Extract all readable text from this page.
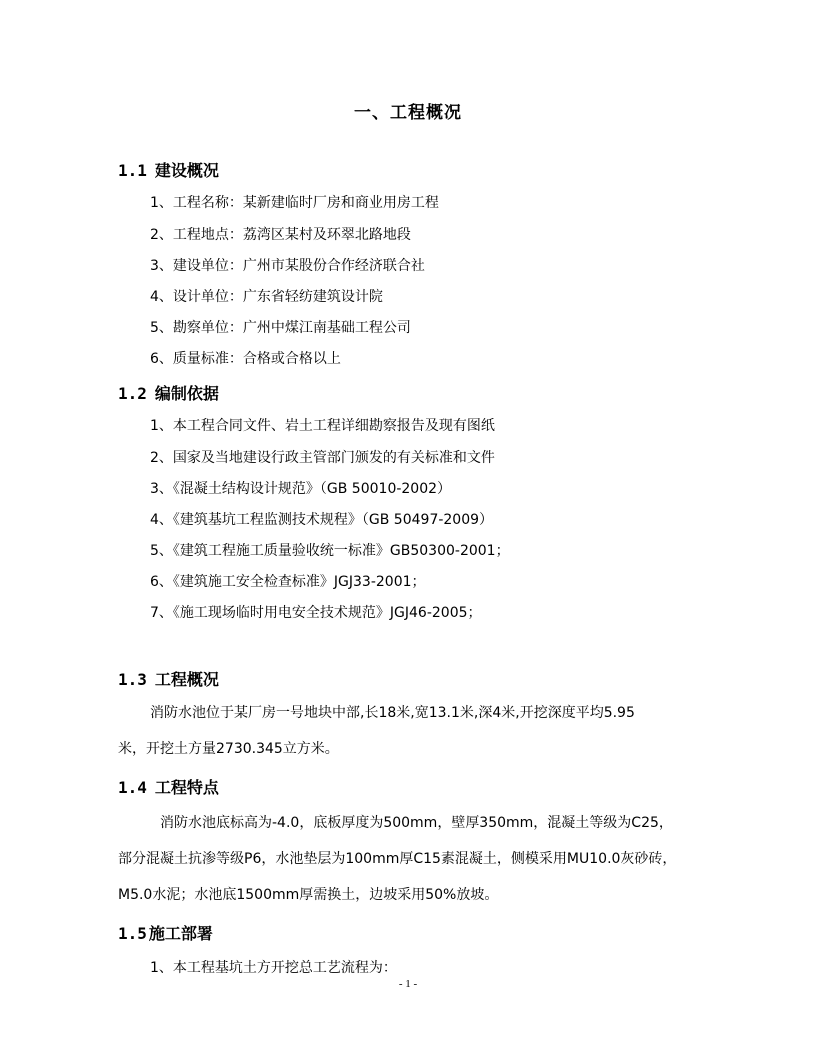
一、工程概况
1.1 建设概况
1、工程名称：某新建临时厂房和商业用房工程
2、工程地点：荔湾区某村及环翠北路地段
3、建设单位：广州市某股份合作经济联合社
4、设计单位：广东省轻纺建筑设计院
5、勘察单位：广州中煤江南基础工程公司
6、质量标准：合格或合格以上
1.2 编制依据
1、本工程合同文件、岩土工程详细勘察报告及现有图纸
2、国家及当地建设行政主管部门颁发的有关标准和文件
3、《混凝土结构设计规范》（GB 50010-2002）
4、《建筑基坑工程监测技术规程》（GB 50497-2009）
5、《建筑工程施工质量验收统一标准》GB50300-2001；
6、《建筑施工安全检查标准》JGJ33-2001；
7、《施工现场临时用电安全技术规范》JGJ46-2005；
1.3 工程概况
消防水池位于某厂房一号地块中部,长18米,宽13.1米,深4米,开挖深度平均5.95
米，开挖土方量2730.345立方米。
1.4 工程特点
消防水池底标高为-4.0，底板厚度为500mm，壁厚350mm，混凝土等级为C25，
部分混凝土抗渗等级P6，水池垫层为100mm厚C15素混凝土，侧模采用MU10.0灰砂砖，
M5.0水泥；水池底1500mm厚需换土，边坡采用50%放坡。
1.5 施工部署
1、本工程基坑土方开挖总工艺流程为：
- 1 -
